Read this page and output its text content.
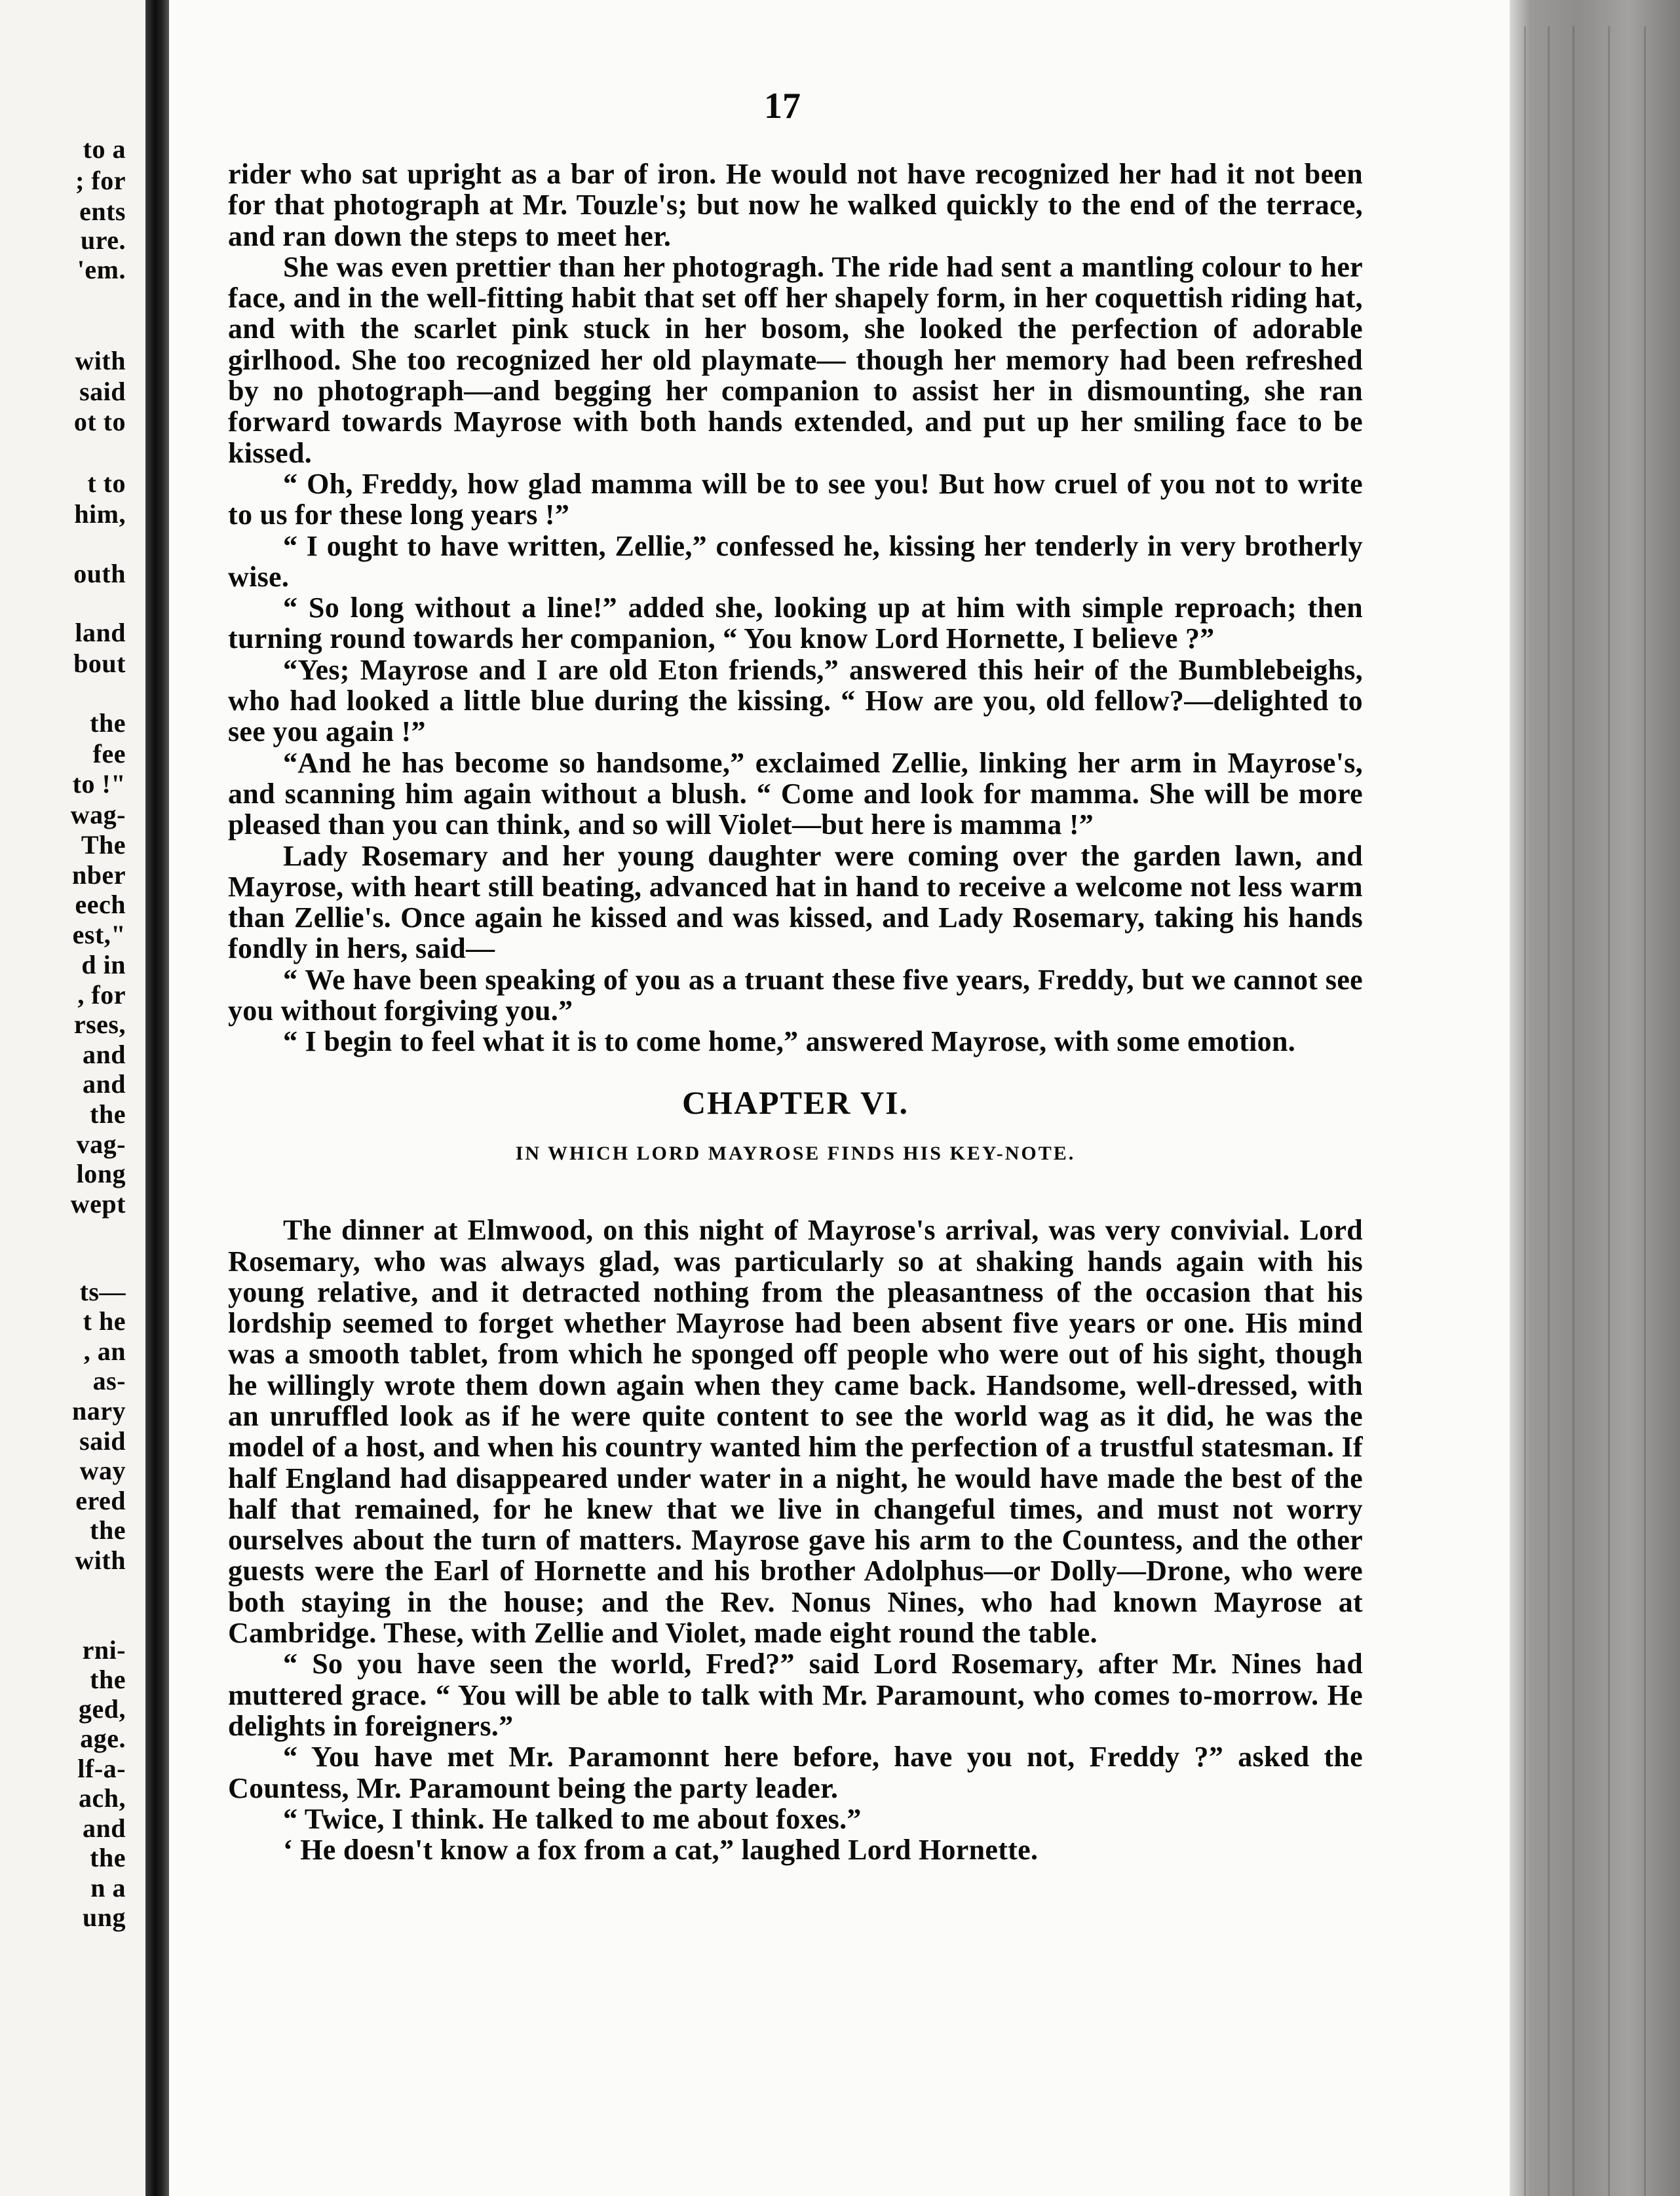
to a
; for
ents
ure.
'em.
with
said
ot to
t to
him,
outh
land
bout
the
fee
to !"
wag-
The
nber
eech
est,"
d in
, for
rses,
and
and
the
vag-
long
wept
ts—
t he
, an
as-
nary
said
way
ered
the
with
rni-
the
ged,
age.
lf-a-
ach,
and
the
n a
ung
17

rider who sat upright as a bar of iron. He would not have recognized her had it not been for that photograph at Mr. Touzle's; but now he walked quickly to the end of the terrace, and ran down the steps to meet her.

She was even prettier than her photogragh. The ride had sent a mantling colour to her face, and in the well-fitting habit that set off her shapely form, in her coquettish riding hat, and with the scarlet pink stuck in her bosom, she looked the perfection of adorable girlhood. She too recognized her old playmate— though her memory had been refreshed by no photograph—and begging her companion to assist her in dismounting, she ran forward towards Mayrose with both hands extended, and put up her smiling face to be kissed.

“ Oh, Freddy, how glad mamma will be to see you! But how cruel of you not to write to us for these long years !”

“ I ought to have written, Zellie,” confessed he, kissing her tenderly in very brotherly wise.

“ So long without a line!” added she, looking up at him with simple reproach; then turning round towards her companion, “ You know Lord Hornette, I believe ?”

“Yes; Mayrose and I are old Eton friends,” answered this heir of the Bumblebeighs, who had looked a little blue during the kissing. “ How are you, old fellow?—delighted to see you again !”

“And he has become so handsome,” exclaimed Zellie, linking her arm in Mayrose's, and scanning him again without a blush. “ Come and look for mamma. She will be more pleased than you can think, and so will Violet—but here is mamma !”

Lady Rosemary and her young daughter were coming over the garden lawn, and Mayrose, with heart still beating, advanced hat in hand to receive a welcome not less warm than Zellie's. Once again he kissed and was kissed, and Lady Rosemary, taking his hands fondly in hers, said—

“ We have been speaking of you as a truant these five years, Freddy, but we cannot see you without forgiving you.”

“ I begin to feel what it is to come home,” answered Mayrose, with some emotion.

CHAPTER VI.
IN WHICH LORD MAYROSE FINDS HIS KEY-NOTE.

The dinner at Elmwood, on this night of Mayrose's arrival, was very convivial. Lord Rosemary, who was always glad, was particularly so at shaking hands again with his young relative, and it detracted nothing from the pleasantness of the occasion that his lordship seemed to forget whether Mayrose had been absent five years or one. His mind was a smooth tablet, from which he sponged off people who were out of his sight, though he willingly wrote them down again when they came back. Handsome, well-dressed, with an unruffled look as if he were quite content to see the world wag as it did, he was the model of a host, and when his country wanted him the perfection of a trustful statesman. If half England had disappeared under water in a night, he would have made the best of the half that remained, for he knew that we live in changeful times, and must not worry ourselves about the turn of matters. Mayrose gave his arm to the Countess, and the other guests were the Earl of Hornette and his brother Adolphus—or Dolly—Drone, who were both staying in the house; and the Rev. Nonus Nines, who had known Mayrose at Cambridge. These, with Zellie and Violet, made eight round the table.

“ So you have seen the world, Fred?” said Lord Rosemary, after Mr. Nines had muttered grace. “ You will be able to talk with Mr. Paramount, who comes to-morrow. He delights in foreigners.”

“ You have met Mr. Paramonnt here before, have you not, Freddy ?” asked the Countess, Mr. Paramount being the party leader.

“ Twice, I think. He talked to me about foxes.”

‘ He doesn't know a fox from a cat,” laughed Lord Hornette.
